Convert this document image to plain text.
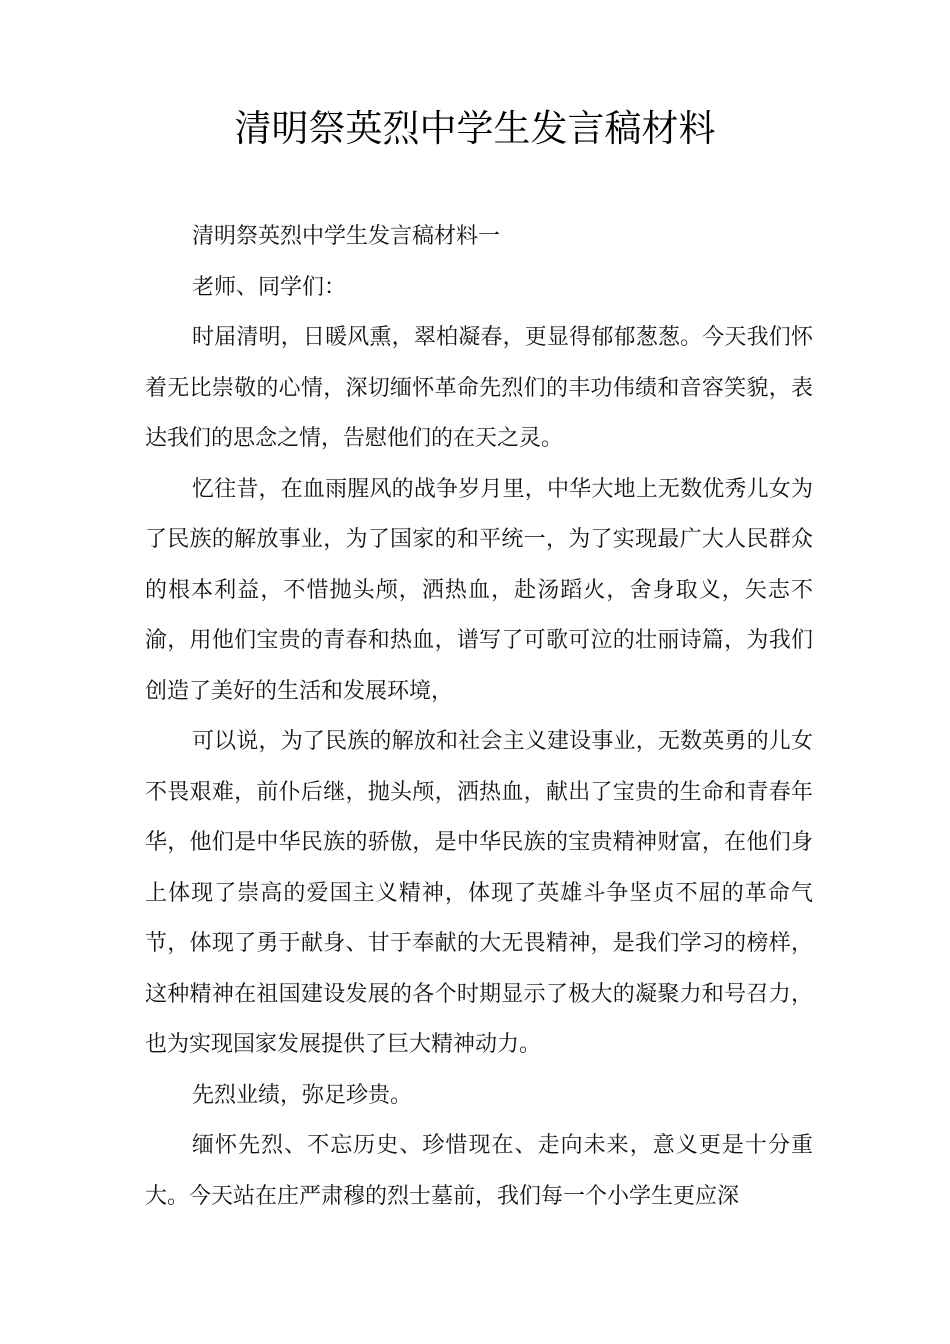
清明祭英烈中学生发言稿材料

清明祭英烈中学生发言稿材料一

老师、同学们：

时届清明，日暖风熏，翠柏凝春，更显得郁郁葱葱。今天我们怀着无比崇敬的心情，深切缅怀革命先烈们的丰功伟绩和音容笑貌，表达我们的思念之情，告慰他们的在天之灵。

忆往昔，在血雨腥风的战争岁月里，中华大地上无数优秀儿女为了民族的解放事业，为了国家的和平统一，为了实现最广大人民群众的根本利益，不惜抛头颅，洒热血，赴汤蹈火，舍身取义，矢志不渝，用他们宝贵的青春和热血，谱写了可歌可泣的壮丽诗篇，为我们创造了美好的生活和发展环境，

可以说，为了民族的解放和社会主义建设事业，无数英勇的儿女不畏艰难，前仆后继，抛头颅，洒热血，献出了宝贵的生命和青春年华，他们是中华民族的骄傲，是中华民族的宝贵精神财富，在他们身上体现了崇高的爱国主义精神，体现了英雄斗争坚贞不屈的革命气节，体现了勇于献身、甘于奉献的大无畏精神，是我们学习的榜样，这种精神在祖国建设发展的各个时期显示了极大的凝聚力和号召力，也为实现国家发展提供了巨大精神动力。

先烈业绩，弥足珍贵。

缅怀先烈、不忘历史、珍惜现在、走向未来，意义更是十分重大。今天站在庄严肃穆的烈士墓前，我们每一个小学生更应深
